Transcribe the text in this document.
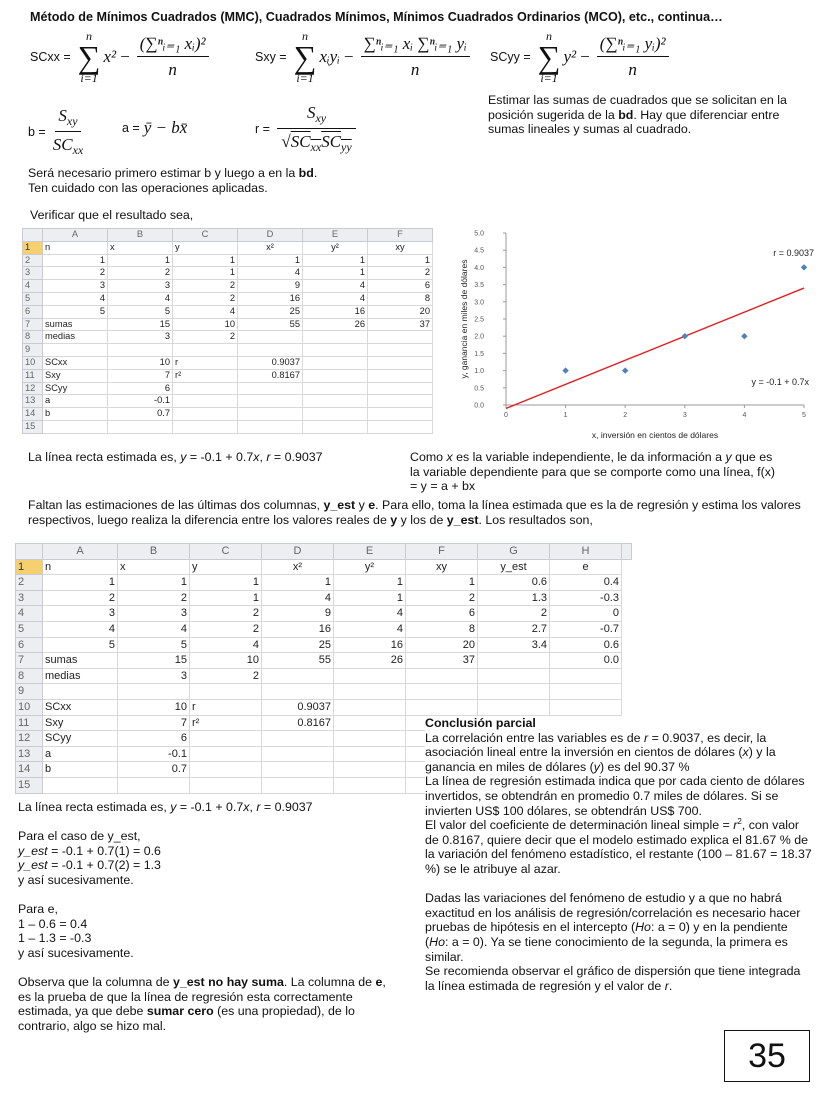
Método de Mínimos Cuadrados (MMC), Cuadrados Mínimos, Mínimos Cuadrados Ordinarios (MCO), etc., continua…
SCxx =
n
∑
i=1
$x^2 - \frac{\text{(∑ⁿᵢ₌₁ xᵢ)²}}{n}$	Sxy =
n
∑
i=1
xᵢyᵢ − $\frac{\text{∑ⁿᵢ₌₁ xᵢ ∑ⁿᵢ₌₁ yᵢ}}{n}$ SCyy =
n
∑
i=1
$y^2 - \frac{\text{(∑ⁿᵢ₌₁ yᵢ)²}}{n}$
$b = \frac{S_{xy}}{SC_{xx}}$	a = ȳ − bx̄	$r = \frac{S_{xy}}{√SC_{xx}SC_{yy}}$
Estimar las sumas de cuadrados que se solicitan en la posición sugerida de la bd. Hay que diferenciar entre sumas lineales y sumas al cuadrado.
Será necesario primero estimar b y luego a en la bd.
Ten cuidado con las operaciones aplicadas.
Verificar que el resultado sea,
	A	B	C	D	E	F
1	n	x	y	x²	y²	xy
2	1	1	1	1	1	1
3	2	2	1	4	1	2
4	3	3	2	9	4	6
5	4	4	2	16	4	8
6	5	5	4	25	16	20
7	sumas	15	10	55	26	37
8	medias	3	2			
9						
10	SCxx	10	r	0.9037		
11	Sxy	7	r²	0.8167		
12	SCyy	6				
13	a	-0.1				
14	b	0.7				
15						
0.0
0.5
1.0
1.5
2.0
2.5
3.0
3.5
4.0
4.5
5.0
0	1	2	3	4	5
r = 0.9037
y = -0.1 + 0.7x
x, inversión en cientos de dólares
y, ganancia en miles de dólares
La línea recta estimada es, y = -0.1 + 0.7x, r = 0.9037	Como x es la variable independiente, le da información a y que es la variable dependiente para que se comporte como una línea, f(x) = y = a + bx
Faltan las estimaciones de las últimas dos columnas, y_est y e. Para ello, toma la línea estimada que es la de regresión y estima los valores respectivos, luego realiza la diferencia entre los valores reales de y y los de y_est. Los resultados son,
	A	B	C	D	E	F	G	H	
1	n	x	y	x²	y²	xy	y_est	e	
2	1	1	1	1	1	1	0.6	0.4	
3	2	2	1	4	1	2	1.3	-0.3	
4	3	3	2	9	4	6	2	0	
5	4	4	2	16	4	8	2.7	-0.7	
6	5	5	4	25	16	20	3.4	0.6	
7	sumas	15	10	55	26	37		0.0	
8	medias	3	2						
9									
10	SCxx	10	r	0.9037					
11	Sxy	7	r²	0.8167					
12	SCyy	6							
13	a	-0.1							
14	b	0.7							
15									
La línea recta estimada es, y = -0.1 + 0.7x, r = 0.9037
Para el caso de y_est,
y_est = -0.1 + 0.7(1) = 0.6
y_est = -0.1 + 0.7(2) = 1.3
y así sucesivamente.
Para e,
1 – 0.6 = 0.4
1 – 1.3 = -0.3
y así sucesivamente.
Observa que la columna de y_est no hay suma. La columna de e, es la prueba de que la línea de regresión esta correctamente estimada, ya que debe sumar cero (es una propiedad), de lo contrario, algo se hizo mal.
Conclusión parcial
La correlación entre las variables es de r = 0.9037, es decir, la asociación lineal entre la inversión en cientos de dólares (x) y la ganancia en miles de dólares (y) es del 90.37 %
La línea de regresión estimada indica que por cada ciento de dólares invertidos, se obtendrán en promedio 0.7 miles de dólares. Si se invierten US$ 100 dólares, se obtendrán US$ 700.
El valor del coeficiente de determinación lineal simple = $r^2$, con valor de 0.8167, quiere decir que el modelo estimado explica el 81.67 % de la variación del fenómeno estadístico, el restante (100 – 81.67 = 18.37 %) se le atribuye al azar.
Dadas las variaciones del fenómeno de estudio y a que no habrá exactitud en los análisis de regresión/correlación es necesario hacer pruebas de hipótesis en el intercepto (Ho: a = 0) y en la pendiente (Ho: a = 0). Ya se tiene conocimiento de la segunda, la primera es similar.
Se recomienda observar el gráfico de dispersión que tiene integrada la línea estimada de regresión y el valor de r.
35
